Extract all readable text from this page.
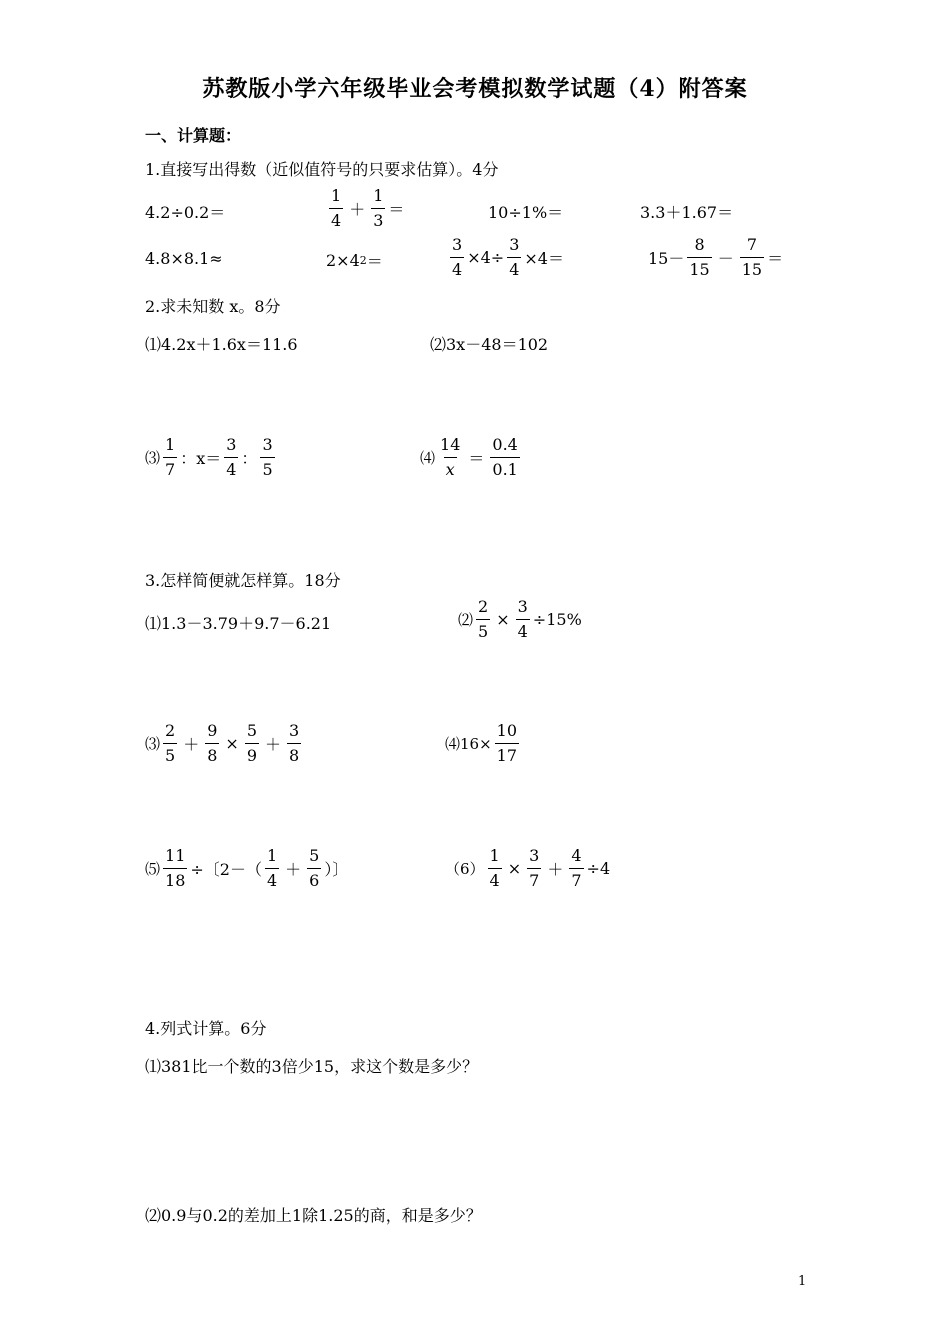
苏教版小学六年级毕业会考模拟数学试题（4）附答案
一、计算题：
1.直接写出得数（近似值符号的只要求估算）。4分
4.2÷0.2＝	$\frac{1}{4} + \frac{1}{3}$ ＝	10÷1%＝	3.3＋1.67＝
4.8×8.1≈	2×4 2 ＝	$\frac{3}{4} \times 4\div \frac{3}{4} \times 4=$	$15- \frac{8}{15} - \frac{7}{15}$ ＝
2.求未知数 x。8分
⑴4.2x＋1.6x＝11.6	⑵3x－48＝102
⑶ $\frac{1}{7}$ ：$x= \frac{3}{4}$ ： $\frac{3}{5}$	⑷ $\frac{14}{x} = \frac{0.4}{0.1}$
3.怎样简便就怎样算。18分
⑴1.3－3.79＋9.7－6.21	⑵ $\frac{2}{5} \times \frac{3}{4} \div 15\%$
⑶ $\frac{2}{5} + \frac{9}{8} \times \frac{5}{9} + \frac{3}{8}$	⑷16× $\frac{10}{17}$
⑸ $\frac{11}{18}$ ÷〔$2-( \frac{1}{4} + \frac{5}{6}$ ）〕	$(6) \frac{1}{4} \times \frac{3}{7} + \frac{4}{7} \div 4$
4.列式计算。6分
⑴381比一个数的3倍少15，求这个数是多少？
⑵0.9与0.2的差加上1除1.25的商，和是多少？
1
